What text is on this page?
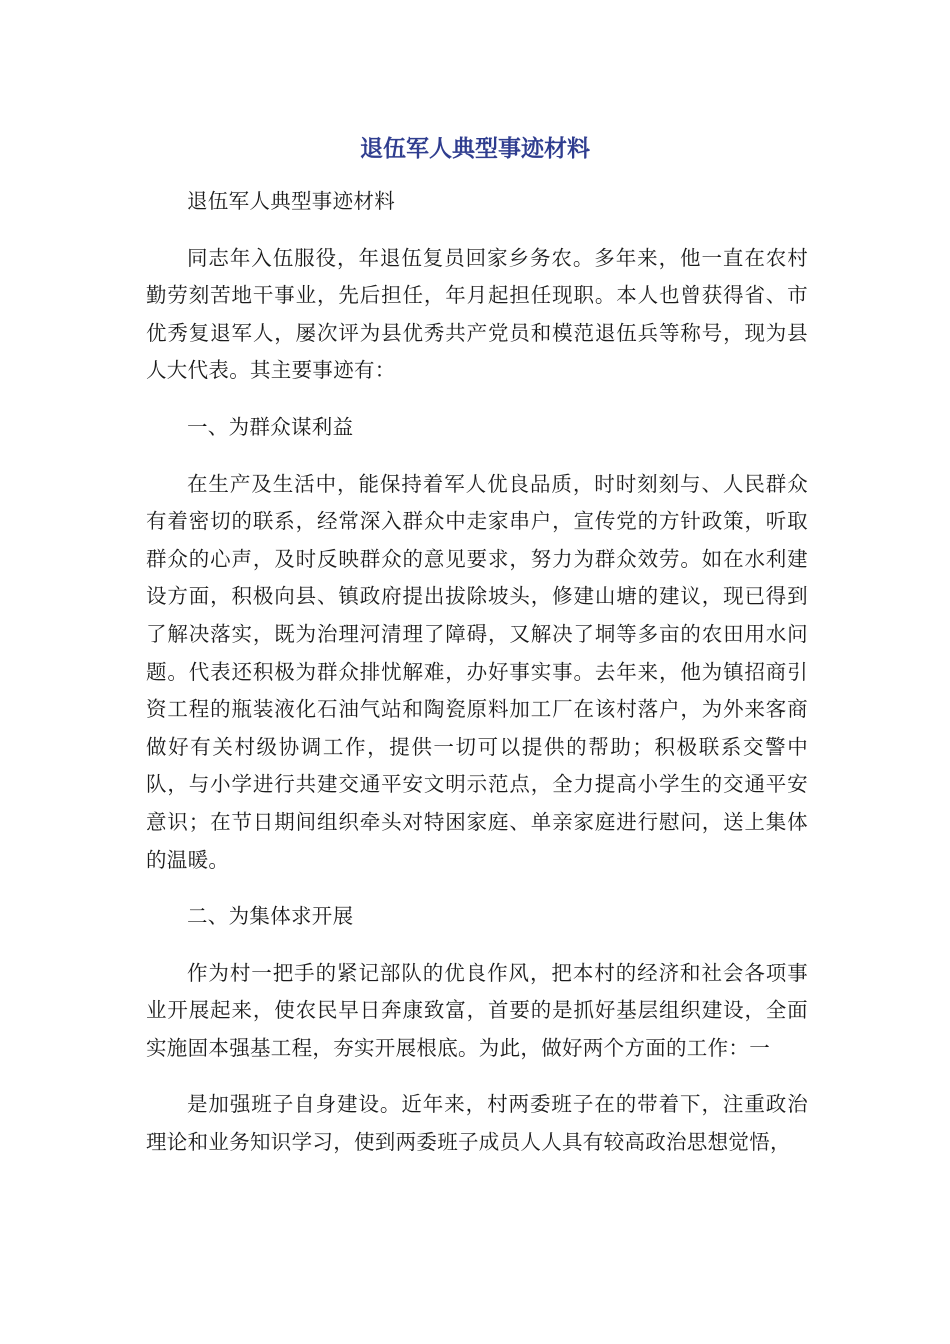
退伍军人典型事迹材料

退伍军人典型事迹材料

同志年入伍服役，年退伍复员回家乡务农。多年来，他一直在农村勤劳刻苦地干事业，先后担任，年月起担任现职。本人也曾获得省、市优秀复退军人，屡次评为县优秀共产党员和模范退伍兵等称号，现为县人大代表。其主要事迹有：

一、为群众谋利益

在生产及生活中，能保持着军人优良品质，时时刻刻与、人民群众有着密切的联系，经常深入群众中走家串户，宣传党的方针政策，听取群众的心声，及时反映群众的意见要求，努力为群众效劳。如在水利建设方面，积极向县、镇政府提出拔除坡头，修建山塘的建议，现已得到了解决落实，既为治理河清理了障碍，又解决了垌等多亩的农田用水问题。代表还积极为群众排忧解难，办好事实事。去年来，他为镇招商引资工程的瓶装液化石油气站和陶瓷原料加工厂在该村落户，为外来客商做好有关村级协调工作，提供一切可以提供的帮助；积极联系交警中队，与小学进行共建交通平安文明示范点，全力提高小学生的交通平安意识；在节日期间组织牵头对特困家庭、单亲家庭进行慰问，送上集体的温暖。

二、为集体求开展

作为村一把手的紧记部队的优良作风，把本村的经济和社会各项事业开展起来，使农民早日奔康致富，首要的是抓好基层组织建设，全面实施固本强基工程，夯实开展根底。为此，做好两个方面的工作：一

是加强班子自身建设。近年来，村两委班子在的带着下，注重政治理论和业务知识学习，使到两委班子成员人人具有较高政治思想觉悟，
